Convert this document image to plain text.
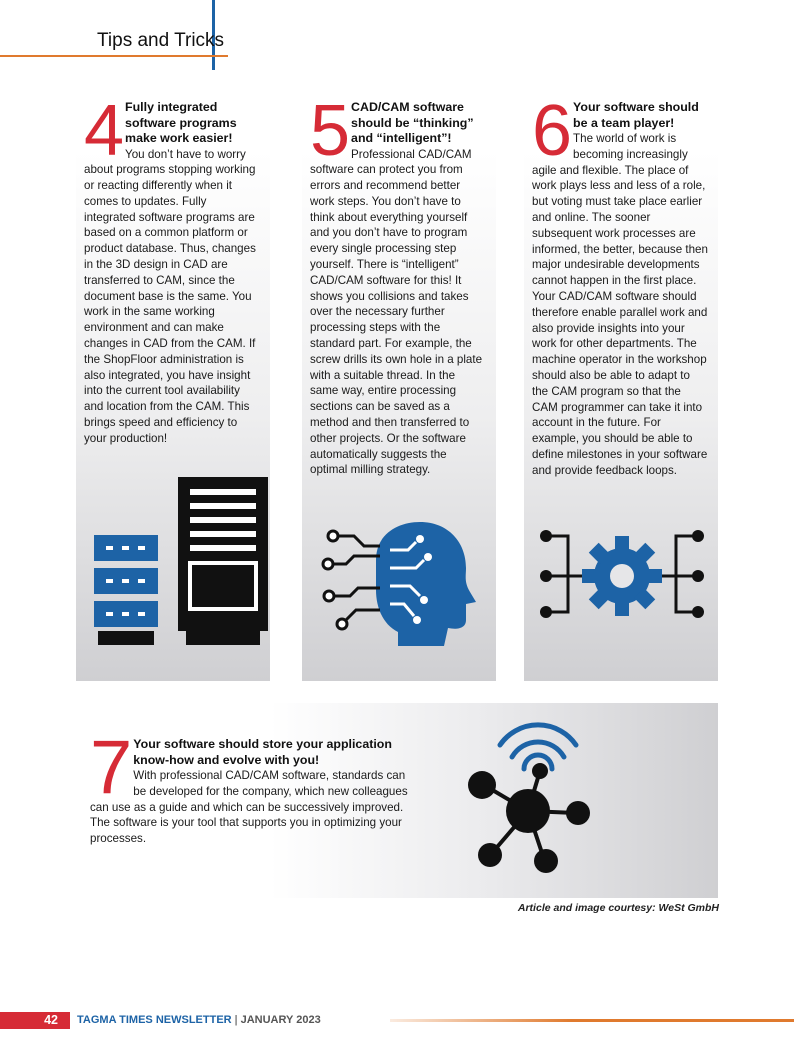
Tips and Tricks
4 Fully integrated software programs make work easier!
You don’t have to worry about programs stopping working or reacting differently when it comes to updates. Fully integrated software programs are based on a common platform or product database. Thus, changes in the 3D design in CAD are transferred to CAM, since the document base is the same. You work in the same working environment and can make changes in CAD from the CAM. If the ShopFloor administration is also integrated, you have insight into the current tool availability and location from the CAM. This brings speed and efficiency to your production!
5 CAD/CAM software should be “thinking” and “intelligent”!
Professional CAD/CAM software can protect you from errors and recommend better work steps. You don’t have to think about everything yourself and you don’t have to program every single processing step yourself. There is “intelligent” CAD/CAM software for this! It shows you collisions and takes over the necessary further processing steps with the standard part. For example, the screw drills its own hole in a plate with a suitable thread. In the same way, entire processing sections can be saved as a method and then transferred to other projects. Or the software automatically suggests the optimal milling strategy.
6 Your software should be a team player!
The world of work is becoming increasingly agile and flexible. The place of work plays less and less of a role, but voting must take place earlier and online. The sooner subsequent work processes are informed, the better, because then major undesirable developments cannot happen in the first place. Your CAD/CAM software should therefore enable parallel work and also provide insights into your work for other departments. The machine operator in the workshop should also be able to adapt to the CAM program so that the CAM programmer can take it into account in the future. For example, you should be able to define milestones in your software and provide feedback loops.
7 Your software should store your application know-how and evolve with you!
With professional CAD/CAM software, standards can be developed for the company, which new colleagues can use as a guide and which can be successively improved. The software is your tool that supports you in optimizing your processes.
Article and image courtesy: WeSt GmbH
42	TAGMA TIMES NEWSLETTER | JANUARY 2023
